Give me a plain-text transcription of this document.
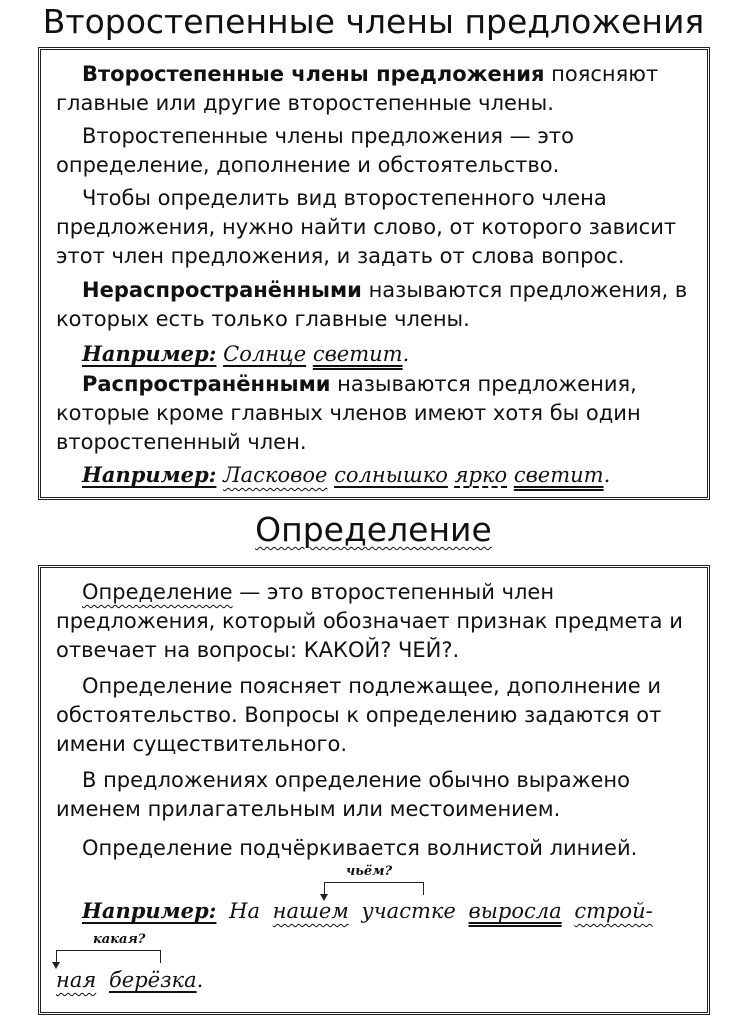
Второстепенные члены предложения

Второстепенные члены предложения поясняют главные или другие второстепенные члены.

Второстепенные члены предложения — это определение, дополнение и обстоятельство.

Чтобы определить вид второстепенного члена предложения, нужно найти слово, от которого зависит этот член предложения, и задать от слова вопрос.

Нераспространёнными называются предложения, в которых есть только главные члены.

Например: Солнце светит.

Распространёнными называются предложения, которые кроме главных членов имеют хотя бы один второстепенный член.

Например: Ласковое солнышко ярко светит.

Определение

Определение — это второстепенный член предложения, который обозначает признак предмета и отвечает на вопросы: КАКОЙ? ЧЕЙ?.

Определение поясняет подлежащее, дополнение и обстоятельство. Вопросы к определению задаются от имени существительного.

В предложениях определение обычно выражено именем прилагательным или местоимением.

Определение подчёркивается волнистой линией.

чьём?

Например: На нашем участке выросла строй-

какая?

ная берёзка.
